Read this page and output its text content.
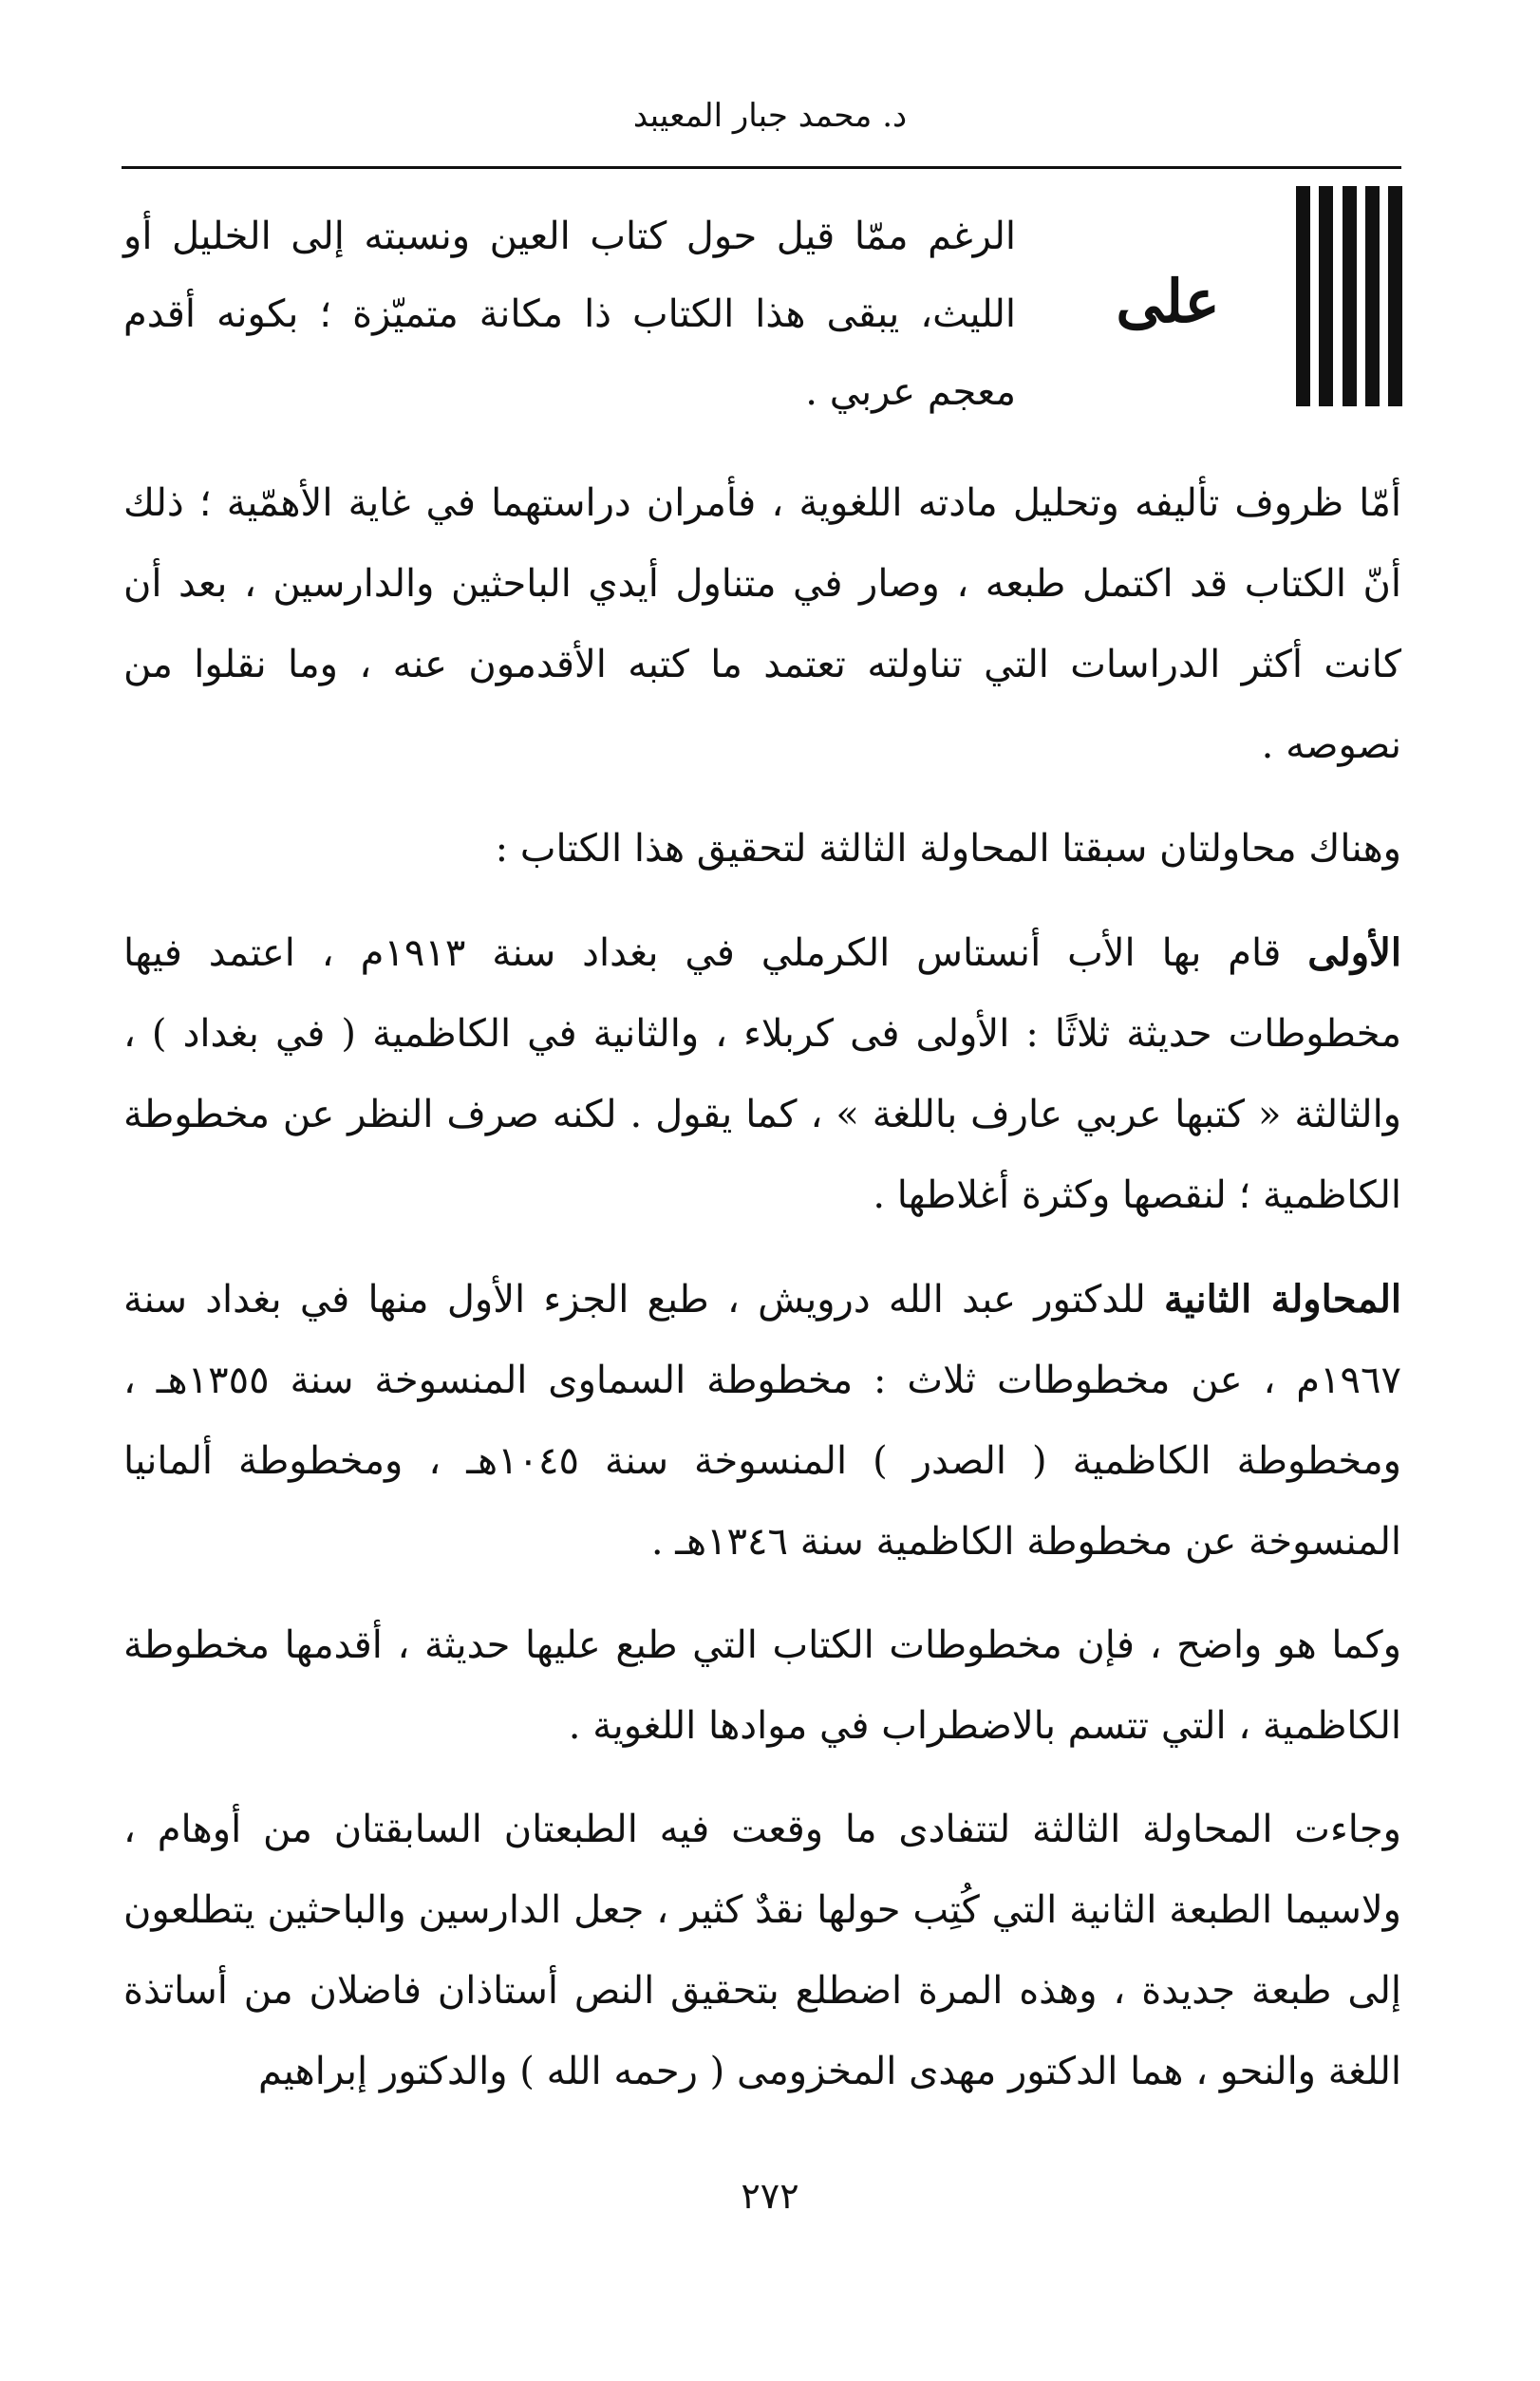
د. محمد جبار المعيبد
على

الرغم ممّا قيل حول كتاب العين ونسبته إلى الخليل أو الليث، يبقى هذا الكتاب ذا مكانة متميّزة ؛ بكونه أقدم معجم عربي .

أمّا ظروف تأليفه وتحليل مادته اللغوية ، فأمران دراستهما في غاية الأهمّية ؛ ذلك أنّ الكتاب قد اكتمل طبعه ، وصار في متناول أيدي الباحثين والدارسين ، بعد أن كانت أكثر الدراسات التي تناولته تعتمد ما كتبه الأقدمون عنه ، وما نقلوا من نصوصه .

وهناك محاولتان سبقتا المحاولة الثالثة لتحقيق هذا الكتاب :

الأولى قام بها الأب أنستاس الكرملي في بغداد سنة ١٩١٣م ، اعتمد فيها مخطوطات حديثة ثلاثًا : الأولى فى كربلاء ، والثانية في الكاظمية ( في بغداد ) ، والثالثة « كتبها عربي عارف باللغة » ، كما يقول . لكنه صرف النظر عن مخطوطة الكاظمية ؛ لنقصها وكثرة أغلاطها .

المحاولة الثانية للدكتور عبد الله درويش ، طبع الجزء الأول منها في بغداد سنة ١٩٦٧م ، عن مخطوطات ثلاث : مخطوطة السماوى المنسوخة سنة ١٣٥٥هـ ، ومخطوطة الكاظمية ( الصدر ) المنسوخة سنة ١٠٤٥هـ ، ومخطوطة ألمانيا المنسوخة عن مخطوطة الكاظمية سنة ١٣٤٦هـ .

وكما هو واضح ، فإن مخطوطات الكتاب التي طبع عليها حديثة ، أقدمها مخطوطة الكاظمية ، التي تتسم بالاضطراب في موادها اللغوية .

وجاءت المحاولة الثالثة لتتفادى ما وقعت فيه الطبعتان السابقتان من أوهام ، ولاسيما الطبعة الثانية التي كُتِب حولها نقدٌ كثير ، جعل الدارسين والباحثين يتطلعون إلى طبعة جديدة ، وهذه المرة اضطلع بتحقيق النص أستاذان فاضلان من أساتذة اللغة والنحو ، هما الدكتور مهدى المخزومى ( رحمه الله ) والدكتور إبراهيم

٢٧٢
